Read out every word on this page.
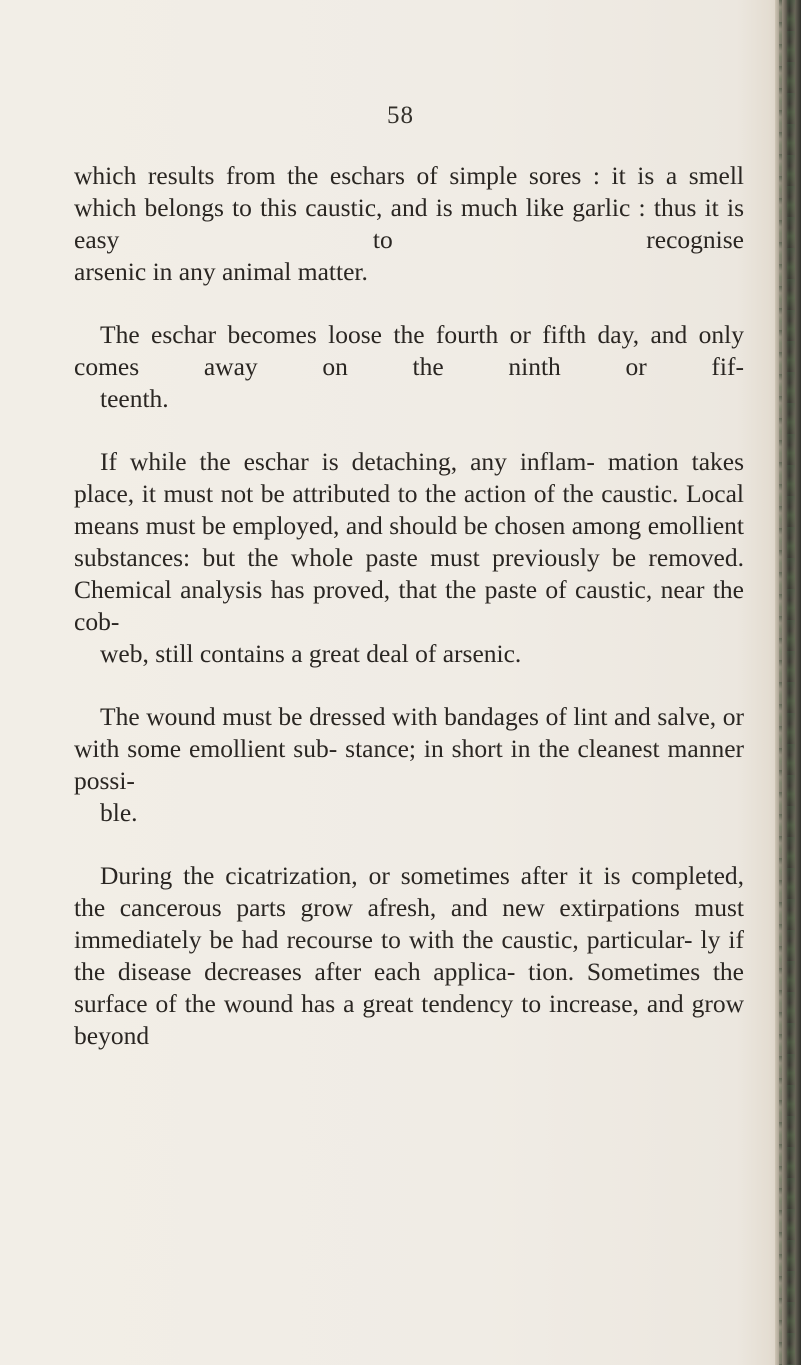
58

which results from the eschars of simple sores : it is a smell which belongs to this caustic, and is much like garlic : thus it is easy to recognise
arsenic in any animal matter.

The eschar becomes loose the fourth or fifth day, and only comes away on the ninth or fif-
teenth.

If while the eschar is detaching, any inflam- mation takes place, it must not be attributed to the action of the caustic. Local means must be employed, and should be chosen among emollient substances: but the whole paste must previously be removed. Chemical analysis has proved, that the paste of caustic, near the cob-
web, still contains a great deal of arsenic.

The wound must be dressed with bandages of lint and salve, or with some emollient sub- stance; in short in the cleanest manner possi-
ble.

During the cicatrization, or sometimes after it is completed, the cancerous parts grow afresh, and new extirpations must immediately be had recourse to with the caustic, particular- ly if the disease decreases after each applica- tion. Sometimes the surface of the wound has a great tendency to increase, and grow beyond
